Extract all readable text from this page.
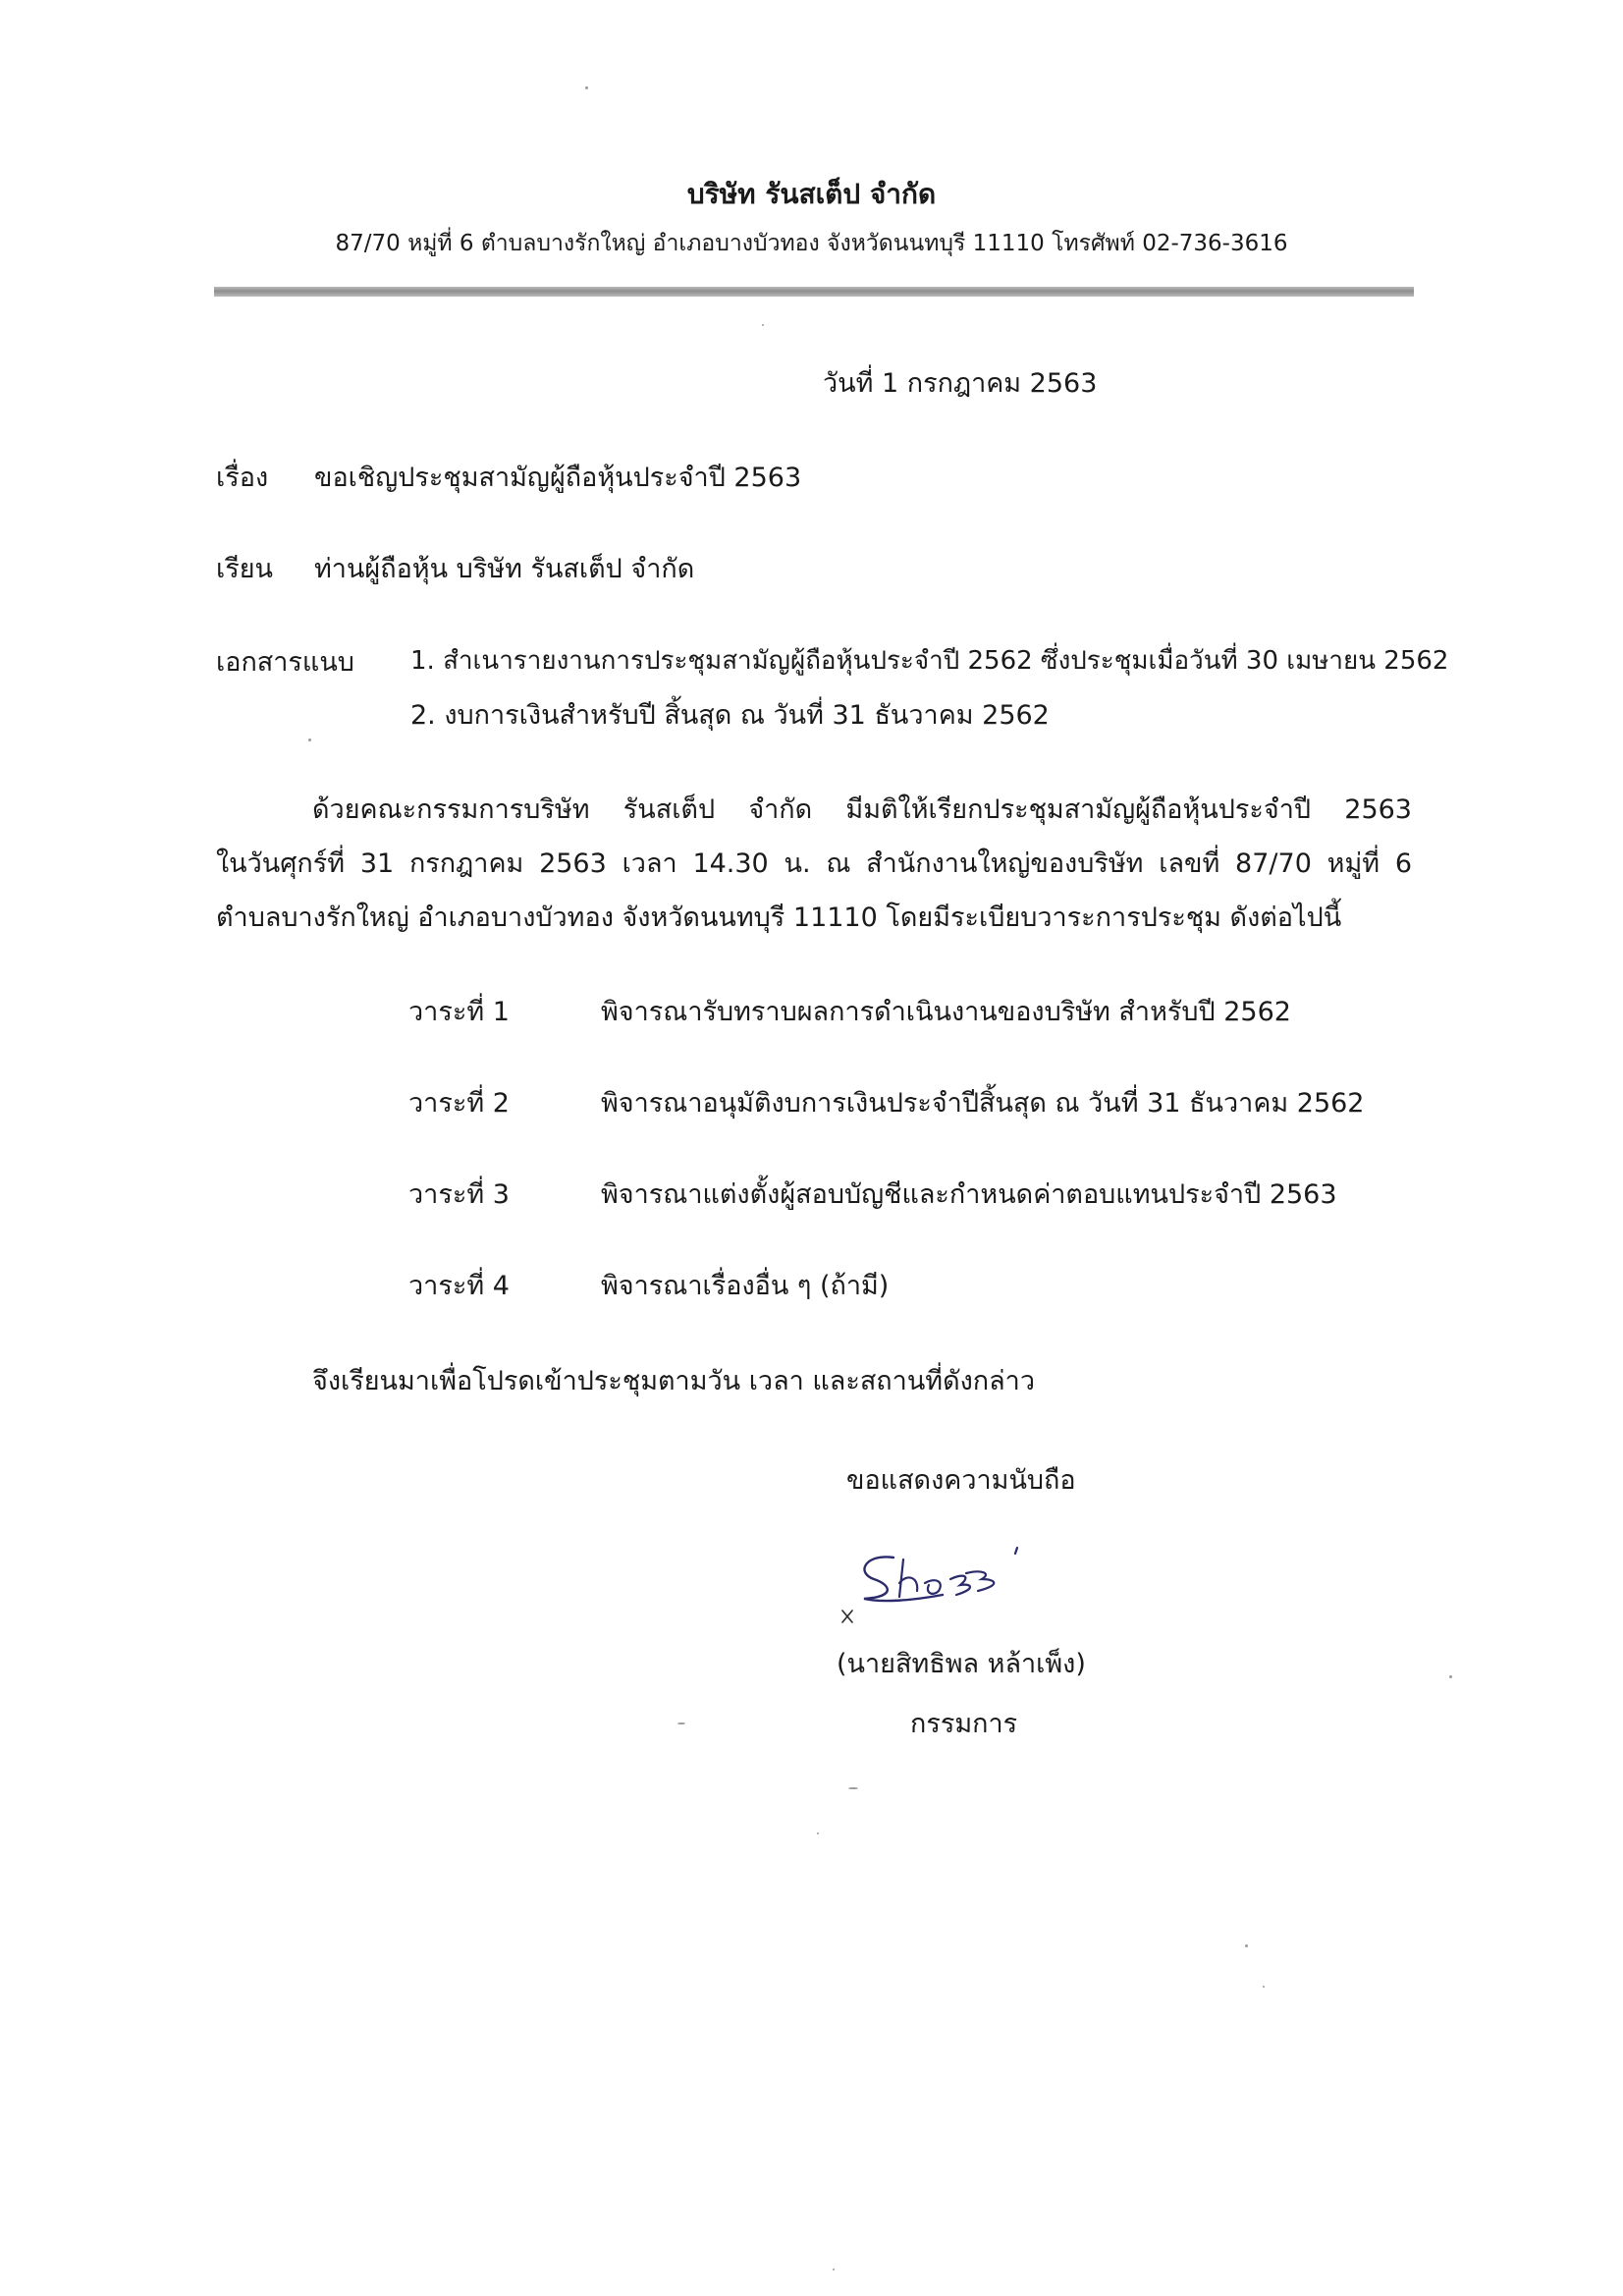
บริษัท รันสเต็ป จำกัด
87/70 หมู่ที่ 6 ตำบลบางรักใหญ่ อำเภอบางบัวทอง จังหวัดนนทบุรี 11110 โทรศัพท์ 02-736-3616
วันที่ 1 กรกฎาคม 2563
เรื่อง ขอเชิญประชุมสามัญผู้ถือหุ้นประจำปี 2563
เรียน ท่านผู้ถือหุ้น บริษัท รันสเต็ป จำกัด
เอกสารแนบ 1. สำเนารายงานการประชุมสามัญผู้ถือหุ้นประจำปี 2562 ซึ่งประชุมเมื่อวันที่ 30 เมษายน 2562
2. งบการเงินสำหรับปี สิ้นสุด ณ วันที่ 31 ธันวาคม 2562
ด้วยคณะกรรมการบริษัท รันสเต็ป จำกัด มีมติให้เรียกประชุมสามัญผู้ถือหุ้นประจำปี 2563
ในวันศุกร์ที่ 31 กรกฎาคม 2563 เวลา 14.30 น. ณ สำนักงานใหญ่ของบริษัท เลขที่ 87/70 หมู่ที่ 6
ตำบลบางรักใหญ่ อำเภอบางบัวทอง จังหวัดนนทบุรี 11110 โดยมีระเบียบวาระการประชุม ดังต่อไปนี้
วาระที่ 1	พิจารณารับทราบผลการดำเนินงานของบริษัท สำหรับปี 2562
วาระที่ 2	พิจารณาอนุมัติงบการเงินประจำปีสิ้นสุด ณ วันที่ 31 ธันวาคม 2562
วาระที่ 3	พิจารณาแต่งตั้งผู้สอบบัญชีและกำหนดค่าตอบแทนประจำปี 2563
วาระที่ 4	พิจารณาเรื่องอื่น ๆ (ถ้ามี)
จึงเรียนมาเพื่อโปรดเข้าประชุมตามวัน เวลา และสถานที่ดังกล่าว
ขอแสดงความนับถือ
(นายสิทธิพล หล้าเพ็ง)
กรรมการ
